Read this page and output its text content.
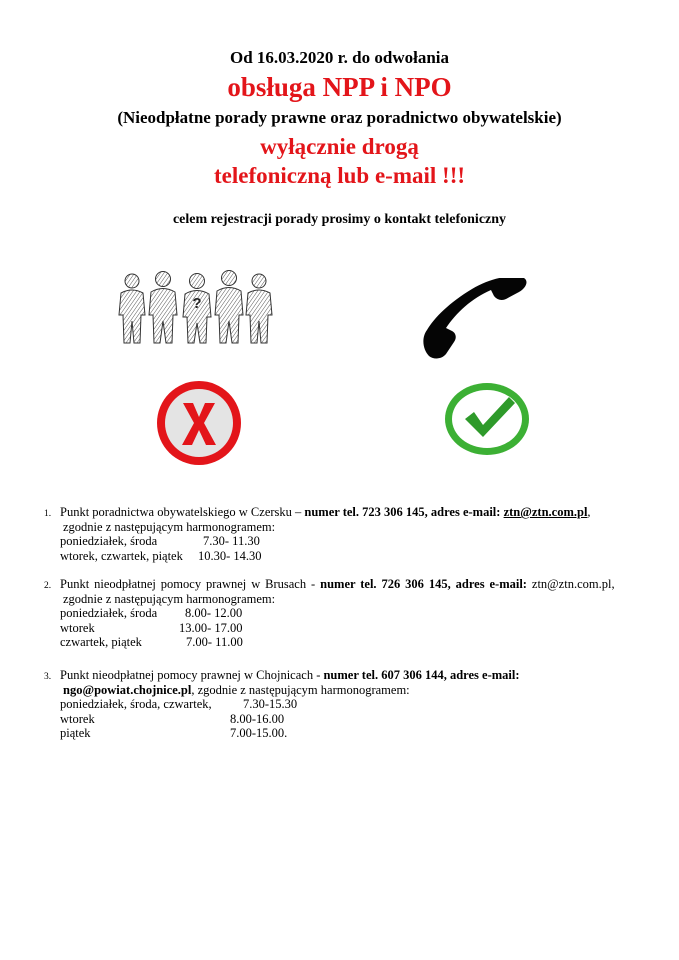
Od 16.03.2020 r. do odwołania
obsługa NPP i NPO
(Nieodpłatne porady prawne oraz poradnictwo obywatelskie)
wyłącznie drogą
telefoniczną lub e-mail !!!
celem rejestracji porady prosimy o kontakt telefoniczny
?
1. Punkt poradnictwa obywatelskiego w Czersku – numer tel. 723 306 145, adres e-mail: ztn@ztn.com.pl,
zgodnie z następującym harmonogramem:
poniedziałek, środa	7.30- 11.30
wtorek, czwartek, piątek 10.30- 14.30
2. Punkt nieodpłatnej pomocy prawnej w Brusach - numer tel. 726 306 145, adres e-mail: ztn@ztn.com.pl,
zgodnie z następującym harmonogramem:
poniedziałek, środa 8.00- 12.00
wtorek	13.00- 17.00
czwartek, piątek	7.00- 11.00
3. Punkt nieodpłatnej pomocy prawnej w Chojnicach - numer tel. 607 306 144, adres e-mail:
ngo@powiat.chojnice.pl, zgodnie z następującym harmonogramem:
poniedziałek, środa, czwartek,	7.30-15.30
wtorek	8.00-16.00
piątek	7.00-15.00.
